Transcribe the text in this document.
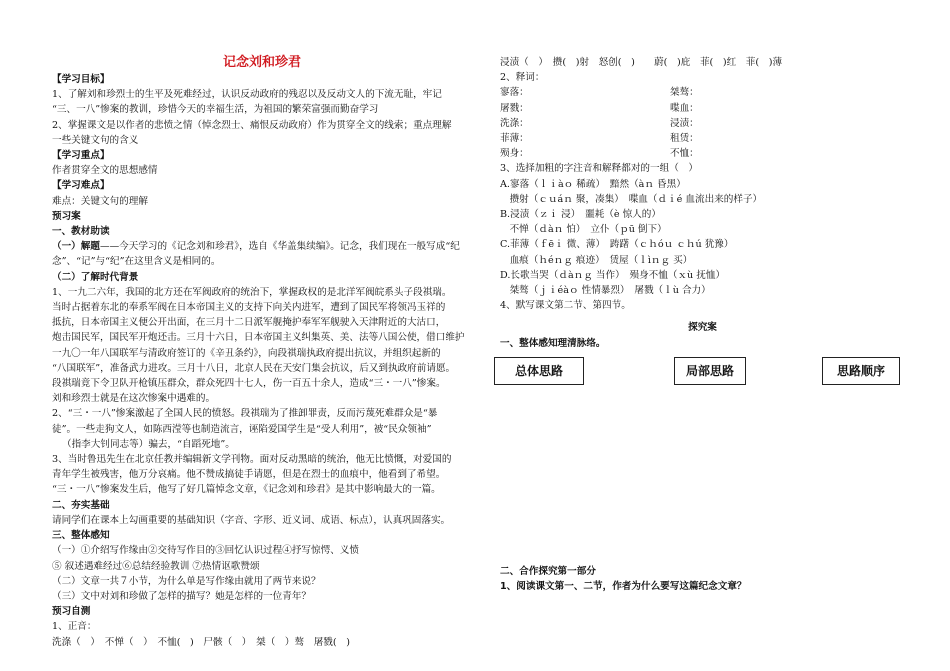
记念刘和珍君
【学习目标】
1、了解刘和珍烈士的生平及死难经过，认识反动政府的残忍以及反动文人的下流无耻，牢记
“三、一八”惨案的教训，珍惜今天的幸福生活，为祖国的繁荣富强而勤奋学习
2、掌握课文是以作者的悲愤之情（悼念烈士、痛恨反动政府）作为贯穿全文的线索；重点理解
一些关键文句的含义
【学习重点】
作者贯穿全文的思想感情
【学习难点】
难点：关键文句的理解
预习案
一、教材助读
（一）解题——今天学习的《记念刘和珍君》，选自《华盖集续编》。记念，我们现在一般写成“纪
念”、“记”与“纪”在这里含义是相同的。
（二）了解时代背景
1、一九二六年，我国的北方还在军阀政府的统治下，掌握政权的是北洋军阀皖系头子段祺瑞。
当时占据着东北的奉系军阀在日本帝国主义的支持下向关内进军，遭到了国民军将领冯玉祥的
抵抗，日本帝国主义便公开出面，在三月十二日派军舰掩护奉军军舰驶入天津附近的大沽口，
炮击国民军，国民军开炮还击。三月十六日，日本帝国主义纠集英、美、法等八国公使，借口维护
一九〇一年八国联军与清政府签订的《辛丑条约》，向段祺瑞执政府提出抗议，并组织起新的
“八国联军”，准备武力进攻。三月十八日，北京人民在天安门集会抗议，后又到执政府前请愿。
段祺瑞竟下令卫队开枪镇压群众，群众死四十七人，伤一百五十余人，造成“三・一八”惨案。
刘和珍烈士就是在这次惨案中遇难的。
2、“三・一八”惨案激起了全国人民的愤怒。段祺瑞为了推卸罪责，反而污蔑死难群众是“暴
徒”。一些走狗文人，如陈西滢等也制造流言，诬陷爱国学生是“受人利用”，被“民众领袖”
（指李大钊同志等）骗去，“自蹈死地”。
3、当时鲁迅先生在北京任教并编辑新文学刊物。面对反动黑暗的统治，他无比愤慨，对爱国的
青年学生被残害，他万分哀痛。他不赞成搞徒手请愿，但是在烈士的血痕中，他看到了希望。
“三・一八”惨案发生后，他写了好几篇悼念文章，《记念刘和珍君》是其中影响最大的一篇。
二、夯实基础
请同学们在课本上勾画重要的基础知识（字音、字形、近义词、成语、标点），认真巩固落实。
三、整体感知
（一）①介绍写作缘由②交待写作目的③回忆认识过程④抒写惊愕、义愤
⑤ 叙述遇难经过⑥总结经验教训 ⑦热情讴歌赞颂
（二）文章一共７小节，为什么单是写作缘由就用了两节来说？
（三）文中对刘和珍做了怎样的描写？她是怎样的一位青年？
预习自测
1、正音：
洗涤（　）　不惮（　）　不恤(　)　尸骸（　）　桀（　）骜　屠戮(　)
浸渍（　）　攒(　)射　怒创(　)　　蔚(　)庇　菲(　)红　菲(　)薄
2、释词：
寥落：	桀骜：
屠戮：	喋血：
洗涤：	浸渍：
菲薄：	租赁：
殒身：	不恤：
3、选择加粗的字注音和解释都对的一组（　）
A.寥落（ｌｉàｏ 稀疏）　黯然（àｎ 昏黑）
　攒射（ｃｕáｎ 聚，凑集）　喋血（ｄｉé 血流出来的样子）
B.浸渍（ｚｉ 浸）　噩耗（è 惊人的）
　不惮（ｄàｎ 怕）　立仆（ｐū 倒下）
C.菲薄（ｆēｉ 微、薄）　踌躇（ｃｈóｕ ｃｈú 犹豫）
　血痕（ｈéｎｇ 痕迹）　赁屋（ｌìｎｇ 买）
D.长歌当哭（ｄàｎｇ 当作）　殒身不恤（ｘù 抚恤）
　桀骜（ｊｉéàｏ 性情暴烈）　屠戮（ｌù 合力）
4、默写课文第二节、第四节。
探究案
一、整体感知理清脉络。
总体思路	局部思路	思路顺序
二、合作探究第一部分
1、阅读课文第一、二节，作者为什么要写这篇纪念文章？
